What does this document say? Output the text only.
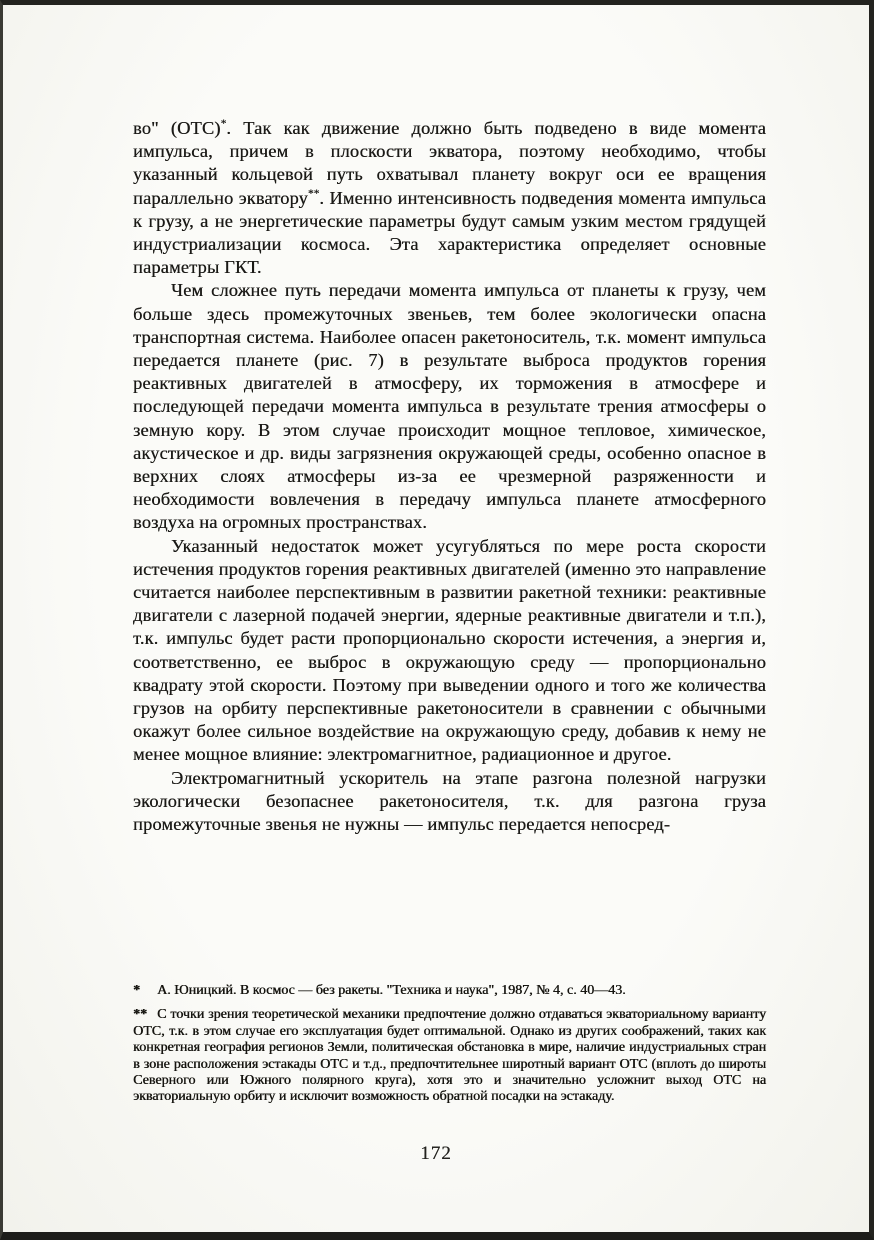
во" (ОТС)*. Так как движение должно быть подведено в виде момента импульса, причем в плоскости экватора, поэтому необходимо, чтобы указанный кольцевой путь охватывал планету вокруг оси ее вращения параллельно экватору**. Именно интенсивность подведения момента импульса к грузу, а не энергетические параметры будут самым узким местом грядущей индустриализации космоса. Эта характеристика определяет основные параметры ГКТ.

Чем сложнее путь передачи момента импульса от планеты к грузу, чем больше здесь промежуточных звеньев, тем более экологически опасна транспортная система. Наиболее опасен ракетоноситель, т.к. момент импульса передается планете (рис. 7) в результате выброса продуктов горения реактивных двигателей в атмосферу, их торможения в атмосфере и последующей передачи момента импульса в результате трения атмосферы о земную кору. В этом случае происходит мощное тепловое, химическое, акустическое и др. виды загрязнения окружающей среды, особенно опасное в верхних слоях атмосферы из-за ее чрезмерной разряженности и необходимости вовлечения в передачу импульса планете атмосферного воздуха на огромных пространствах.

Указанный недостаток может усугубляться по мере роста скорости истечения продуктов горения реактивных двигателей (именно это направление считается наиболее перспективным в развитии ракетной техники: реактивные двигатели с лазерной подачей энергии, ядерные реактивные двигатели и т.п.), т.к. импульс будет расти пропорционально скорости истечения, а энергия и, соответственно, ее выброс в окружающую среду — пропорционально квадрату этой скорости. Поэтому при выведении одного и того же количества грузов на орбиту перспективные ракетоносители в сравнении с обычными окажут более сильное воздействие на окружающую среду, добавив к нему не менее мощное влияние: электромагнитное, радиационное и другое.

Электромагнитный ускоритель на этапе разгона полезной нагрузки экологически безопаснее ракетоносителя, т.к. для разгона груза промежуточные звенья не нужны — импульс передается непосред-

* А. Юницкий. В космос — без ракеты. "Техника и наука", 1987, № 4, с. 40—43.

** С точки зрения теоретической механики предпочтение должно отдаваться экваториальному варианту ОТС, т.к. в этом случае его эксплуатация будет оптимальной. Однако из других соображений, таких как конкретная география регионов Земли, политическая обстановка в мире, наличие индустриальных стран в зоне расположения эстакады ОТС и т.д., предпочтительнее широтный вариант ОТС (вплоть до широты Северного или Южного полярного круга), хотя это и значительно усложнит выход ОТС на экваториальную орбиту и исключит возможность обратной посадки на эстакаду.

172
